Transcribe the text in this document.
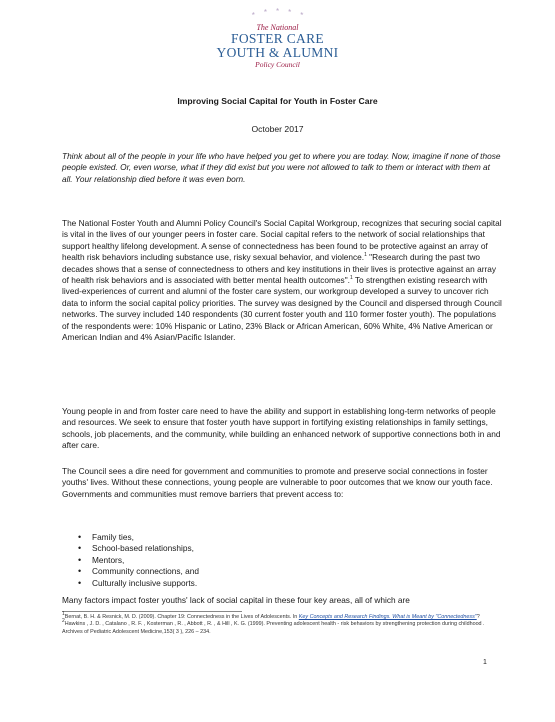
* * * * *
The National
FOSTER CARE
YOUTH & ALUMNI
Policy Council
Improving Social Capital for Youth in Foster Care
October 2017

Think about all of the people in your life who have helped you get to where you are today. Now, imagine if none of those people existed. Or, even worse, what if they did exist but you were not allowed to talk to them or interact with them at all. Your relationship died before it was even born.

The National Foster Youth and Alumni Policy Council's Social Capital Workgroup, recognizes that securing social capital is vital in the lives of our younger peers in foster care. Social capital refers to the network of social relationships that support healthy lifelong development. A sense of connectedness has been found to be protective against an array of health risk behaviors including substance use, risky sexual behavior, and violence.$^1$ "Research during the past two decades shows that a sense of connectedness to others and key institutions in their lives is protective against an array of health risk behaviors and is associated with better mental health outcomes".$^1$ To strengthen existing research with lived-experiences of current and alumni of the foster care system, our workgroup developed a survey to uncover rich data to inform the social capital policy priorities. The survey was designed by the Council and dispersed through Council networks. The survey included 140 respondents (30 current foster youth and 110 former foster youth). The populations of the respondents were: 10% Hispanic or Latino, 23% Black or African American, 60% White, 4% Native American or American Indian and 4% Asian/Pacific Islander.

Young people in and from foster care need to have the ability and support in establishing long-term networks of people and resources. We seek to ensure that foster youth have support in fortifying existing relationships in family settings, schools, job placements, and the community, while building an enhanced network of supportive connections both in and after care.

The Council sees a dire need for government and communities to promote and preserve social connections in foster youths' lives. Without these connections, young people are vulnerable to poor outcomes that we know our youth face. Governments and communities must remove barriers that prevent access to:

• Family ties,
• School-based relationships,
• Mentors,
• Community connections, and
• Culturally inclusive supports.

Many factors impact foster youths' lack of social capital in these four key areas, all of which are

$^1$Bernat, B. H. & Resnick, M. D. (2009). Chapter 19: Connectedness in the Lives of Adolescents. In Key Concepts and Research Findings. What is Meant by "Connectedness"?
$^2$Hawkins , J. D. , Catalano , R. F. , Kosterman , R. , Abbott , R. , & Hill , K. G. (1999). Preventing adolescent health - risk behaviors by strengthening protection during childhood . Archives of Pediatric Adolescent Medicine,153( 3 ), 226 – 234.
1
